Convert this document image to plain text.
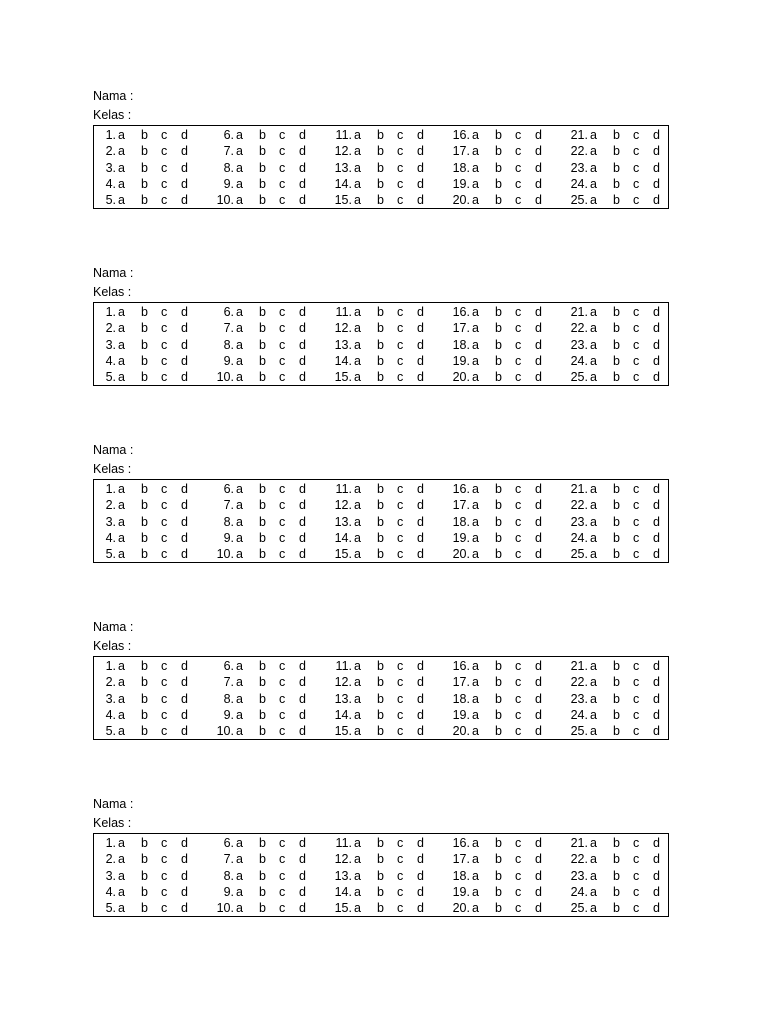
Nama :
Kelas :
1. a b c d	6. a b c d 11. a b c d 16. a b c d 21. a b c d
2. a b c d	7. a b c d 12. a b c d 17. a b c d 22. a b c d
3. a b c d	8. a b c d 13. a b c d 18. a b c d 23. a b c d
4. a b c d	9. a b c d 14. a b c d 19. a b c d 24. a b c d
5. a b c d 10. a b c d 15. a b c d 20. a b c d 25. a b c d
Nama :
Kelas :
1. a b c d	6. a b c d 11. a b c d 16. a b c d 21. a b c d
2. a b c d	7. a b c d 12. a b c d 17. a b c d 22. a b c d
3. a b c d	8. a b c d 13. a b c d 18. a b c d 23. a b c d
4. a b c d	9. a b c d 14. a b c d 19. a b c d 24. a b c d
5. a b c d 10. a b c d 15. a b c d 20. a b c d 25. a b c d
Nama :
Kelas :
1. a b c d	6. a b c d 11. a b c d 16. a b c d 21. a b c d
2. a b c d	7. a b c d 12. a b c d 17. a b c d 22. a b c d
3. a b c d	8. a b c d 13. a b c d 18. a b c d 23. a b c d
4. a b c d	9. a b c d 14. a b c d 19. a b c d 24. a b c d
5. a b c d 10. a b c d 15. a b c d 20. a b c d 25. a b c d
Nama :
Kelas :
1. a b c d	6. a b c d 11. a b c d 16. a b c d 21. a b c d
2. a b c d	7. a b c d 12. a b c d 17. a b c d 22. a b c d
3. a b c d	8. a b c d 13. a b c d 18. a b c d 23. a b c d
4. a b c d	9. a b c d 14. a b c d 19. a b c d 24. a b c d
5. a b c d 10. a b c d 15. a b c d 20. a b c d 25. a b c d
Nama :
Kelas :
1. a b c d	6. a b c d 11. a b c d 16. a b c d 21. a b c d
2. a b c d	7. a b c d 12. a b c d 17. a b c d 22. a b c d
3. a b c d	8. a b c d 13. a b c d 18. a b c d 23. a b c d
4. a b c d	9. a b c d 14. a b c d 19. a b c d 24. a b c d
5. a b c d 10. a b c d 15. a b c d 20. a b c d 25. a b c d
